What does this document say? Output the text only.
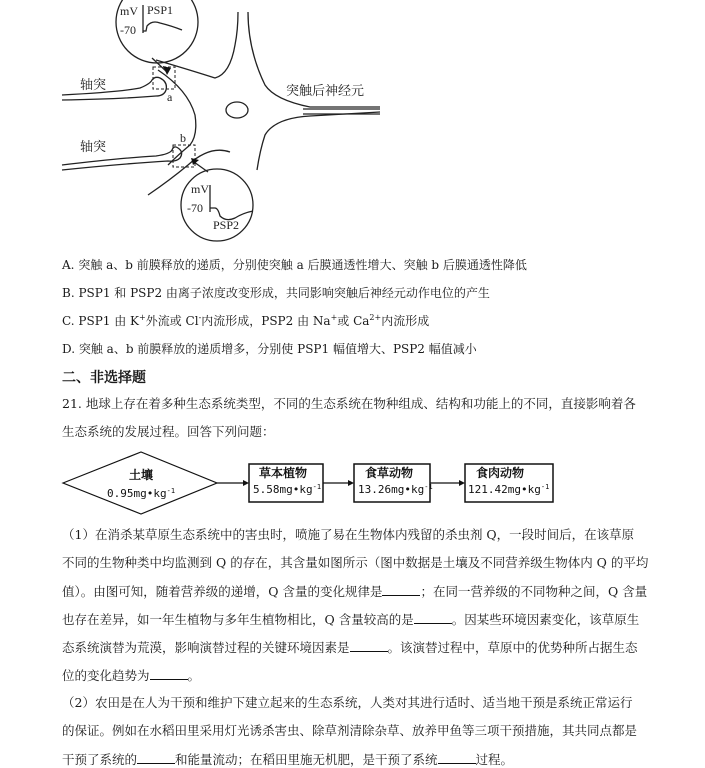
mV
-70
PSP1
轴突
a	突触后神经元
轴突
b
mV
-70
PSP2
A. 突触 a、b 前膜释放的递质，分别使突触 a 后膜通透性增大、突触 b 后膜通透性降低
B. PSP1 和 PSP2 由离子浓度改变形成，共同影响突触后神经元动作电位的产生
C. PSP1 由 K+外流或 Cl-内流形成，PSP2 由 Na+或 $Ca^{2+}$内流形成
D. 突触 a、b 前膜释放的递质增多，分别使 PSP1 幅值增大、PSP2 幅值减小
二、非选择题
21. 地球上存在着多种生态系统类型，不同的生态系统在物种组成、结构和功能上的不同，直接影响着各
生态系统的发展过程。回答下列问题：
土壤
$0.95mg•kg^{-1}$
草本植物
$5.58mg•kg^{-1}$
食草动物
$13.26mg•kg^{-1}$
食肉动物
$121.42mg•kg^{-1}$
（1）在消杀某草原生态系统中的害虫时，喷施了易在生物体内残留的杀虫剂 Q，一段时间后，在该草原
不同的生物种类中均监测到 Q 的存在，其含量如图所示（图中数据是土壤及不同营养级生物体内 Q 的平均
值）。由图可知，随着营养级的递增，Q 含量的变化规律是	；在同一营养级的不同物种之间，Q 含量
也存在差异，如一年生植物与多年生植物相比，Q 含量较高的是	。因某些环境因素变化，该草原生
态系统演替为荒漠，影响演替过程的关键环境因素是	。该演替过程中，草原中的优势种所占据生态
位的变化趋势为	。
（2）农田是在人为干预和维护下建立起来的生态系统，人类对其进行适时、适当地干预是系统正常运行
的保证。例如在水稻田里采用灯光诱杀害虫、除草剂清除杂草、放养甲鱼等三项干预措施，其共同点都是
干预了系统的	和能量流动；在稻田里施无机肥，是干预了系统	过程。
